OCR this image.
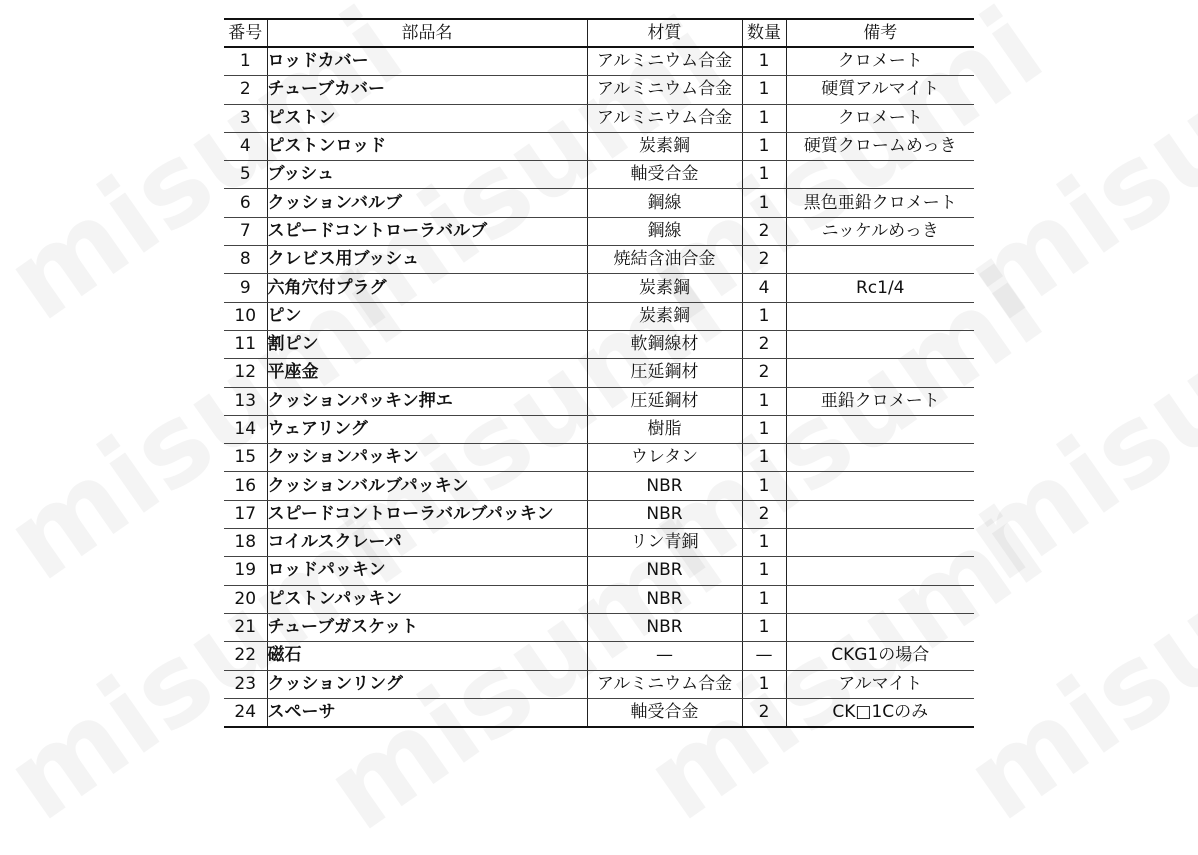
番号	部品名	材質	数量	備考
1	ロッドカバー	アルミニウム合金	1	クロメート
2	チューブカバー	アルミニウム合金	1	硬質アルマイト
3	ピストン	アルミニウム合金	1	クロメート
4	ピストンロッド	炭素鋼	1	硬質クロームめっき
5	ブッシュ	軸受合金	1	
6	クッションバルブ	鋼線	1	黒色亜鉛クロメート
7	スピードコントローラバルブ	鋼線	2	ニッケルめっき
8	クレビス用ブッシュ	焼結含油合金	2	
9	六角穴付プラグ	炭素鋼	4	Rc1/4
10	ピン	炭素鋼	1	
11	割ピン	軟鋼線材	2	
12	平座金	圧延鋼材	2	
13	クッションパッキン押エ	圧延鋼材	1	亜鉛クロメート
14	ウェアリング	樹脂	1	
15	クッションパッキン	ウレタン	1	
16	クッションバルブパッキン	NBR	1	
17	スピードコントローラバルブパッキン	NBR	2	
18	コイルスクレーパ	リン青銅	1	
19	ロッドパッキン	NBR	1	
20	ピストンパッキン	NBR	1	
21	チューブガスケット	NBR	1	
22	磁石	—	—	CKG1の場合
23	クッションリング	アルミニウム合金	1	アルマイト
24	スペーサ	軸受合金	2	CK□1Cのみ
